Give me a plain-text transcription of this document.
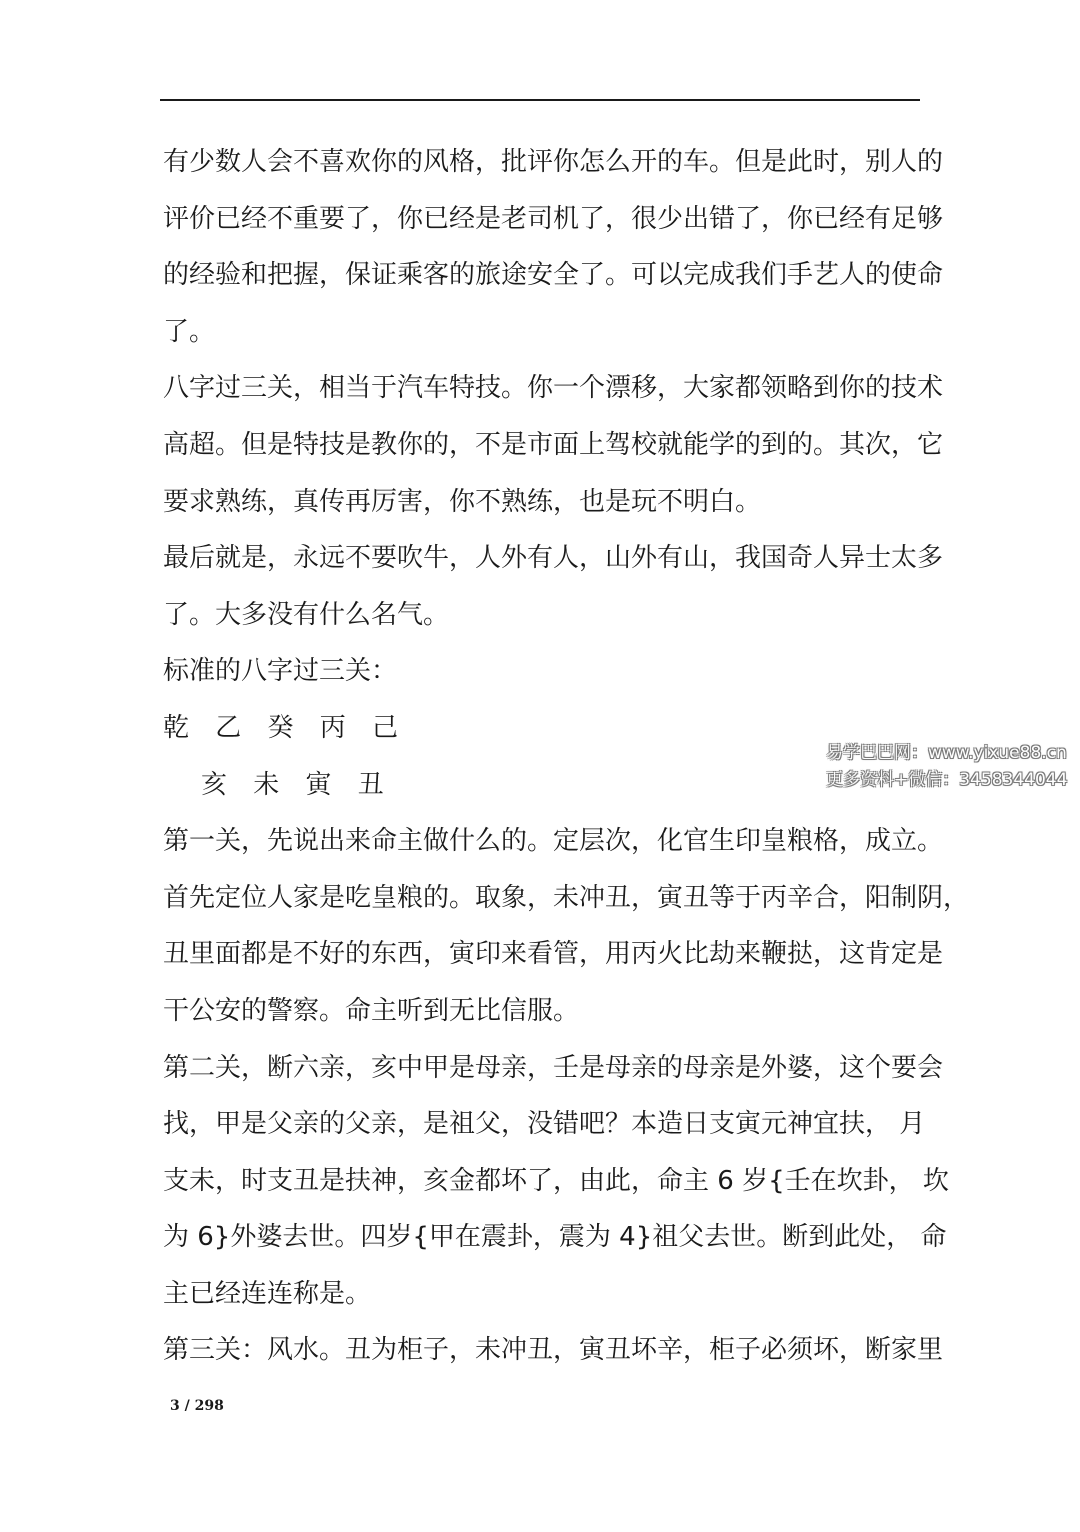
有少数人会不喜欢你的风格，批评你怎么开的车。但是此时，别人的
评价已经不重要了，你已经是老司机了，很少出错了，你已经有足够
的经验和把握，保证乘客的旅途安全了。可以完成我们手艺人的使命
了。
八字过三关，相当于汽车特技。你一个漂移，大家都领略到你的技术
高超。但是特技是教你的，不是市面上驾校就能学的到的。其次，它
要求熟练，真传再厉害，你不熟练，也是玩不明白。
最后就是，永远不要吹牛，人外有人，山外有山，我国奇人异士太多
了。大多没有什么名气。
标准的八字过三关：
乾 乙 癸 丙 己
亥 未 寅 丑
第一关，先说出来命主做什么的。定层次，化官生印皇粮格，成立。
首先定位人家是吃皇粮的。取象，未冲丑，寅丑等于丙辛合，阳制阴，
丑里面都是不好的东西，寅印来看管，用丙火比劫来鞭挞，这肯定是
干公安的警察。命主听到无比信服。
第二关，断六亲，亥中甲是母亲，壬是母亲的母亲是外婆，这个要会
找，甲是父亲的父亲，是祖父，没错吧？本造日支寅元神宜扶， 月
支未，时支丑是扶神，亥金都坏了，由此，命主 6 岁{壬在坎卦， 坎
为 6}外婆去世。四岁{甲在震卦，震为 4}祖父去世。断到此处， 命
主已经连连称是。
第三关：风水。丑为柜子，未冲丑，寅丑坏辛，柜子必须坏，断家里
易学巴巴网：www.yixue88.cn
更多资料+微信：3458344044
3 / 298
